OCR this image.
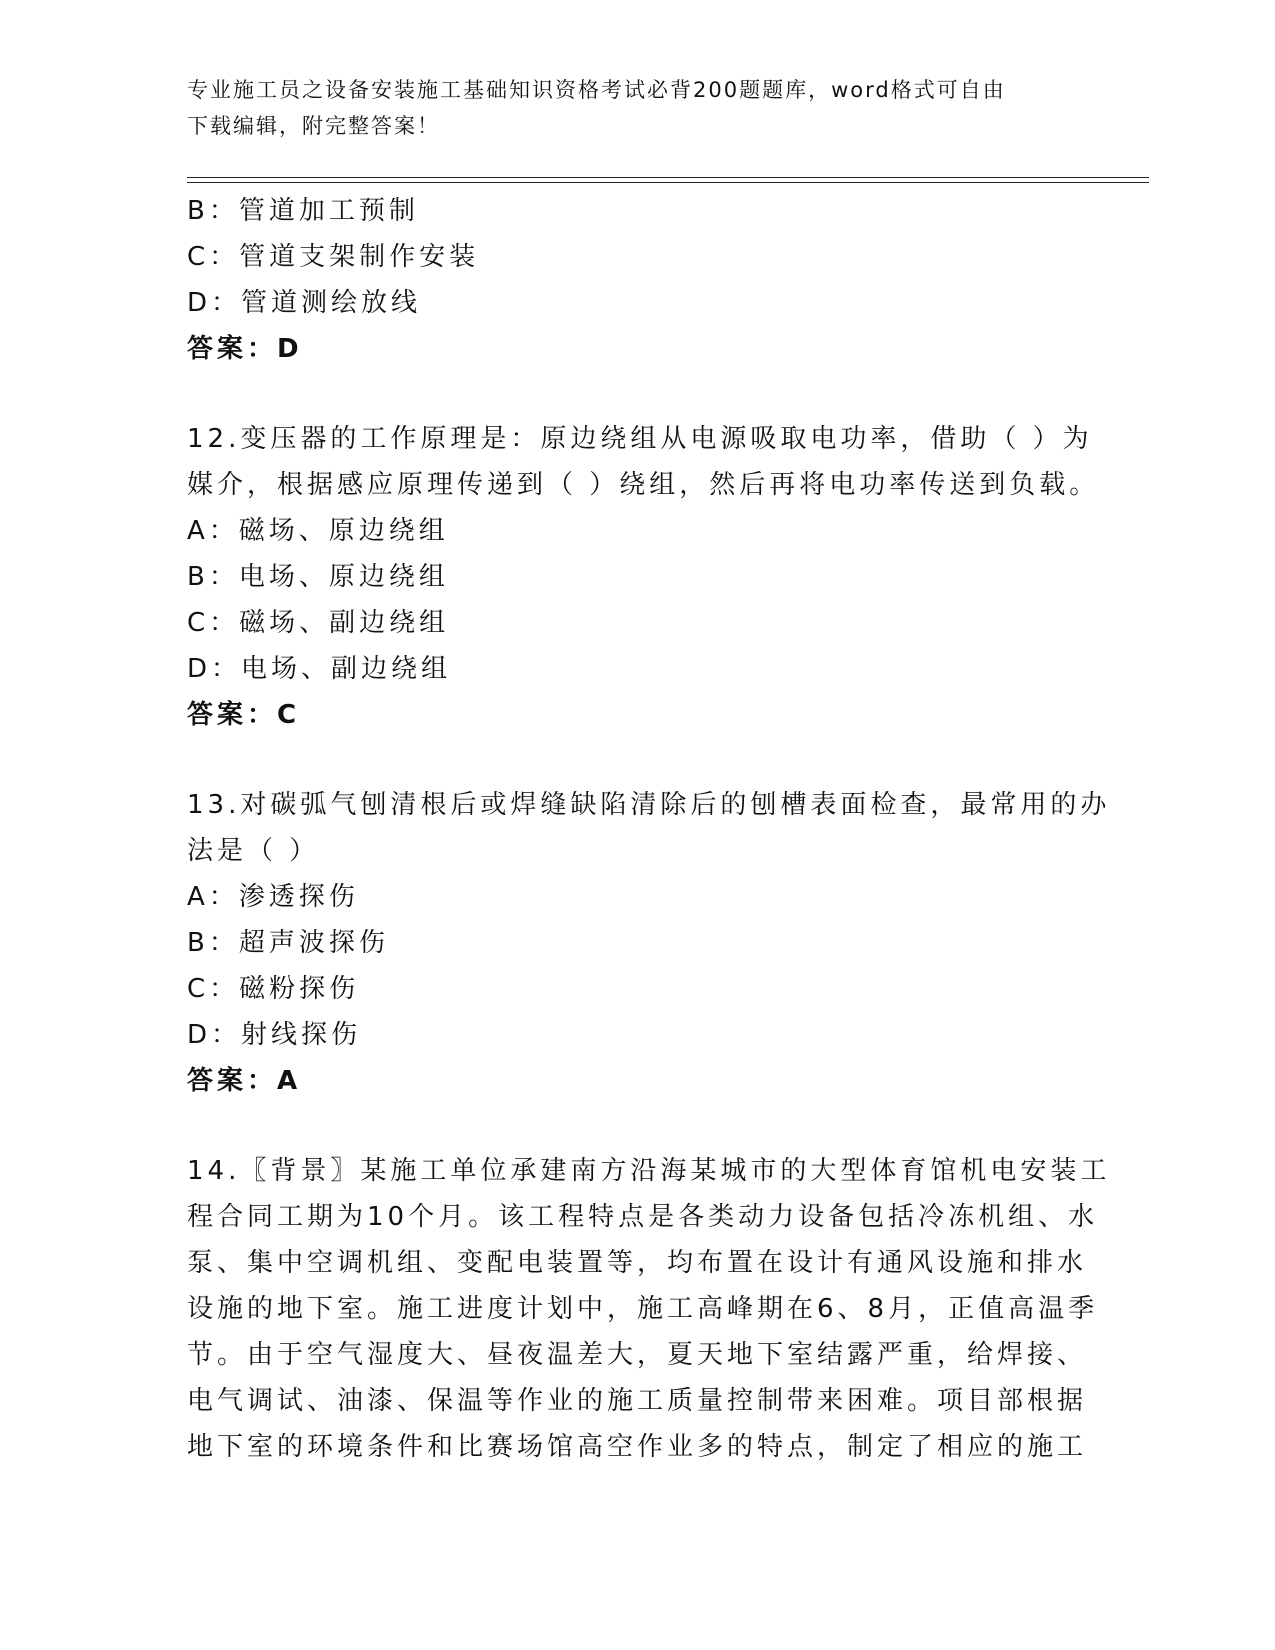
专业施工员之设备安装施工基础知识资格考试必背200题题库，word格式可自由
下载编辑，附完整答案！
B：管道加工预制
C：管道支架制作安装
D：管道测绘放线
答案：D
12.变压器的工作原理是：原边绕组从电源吸取电功率，借助（ ）为
媒介，根据感应原理传递到（ ）绕组，然后再将电功率传送到负载。
A：磁场、原边绕组
B：电场、原边绕组
C：磁场、副边绕组
D：电场、副边绕组
答案：C
13.对碳弧气刨清根后或焊缝缺陷清除后的刨槽表面检查，最常用的办
法是（ ）
A：渗透探伤
B：超声波探伤
C：磁粉探伤
D：射线探伤
答案：A
14.〖背景〗某施工单位承建南方沿海某城市的大型体育馆机电安装工
程合同工期为10个月。该工程特点是各类动力设备包括冷冻机组、水
泵、集中空调机组、变配电装置等，均布置在设计有通风设施和排水
设施的地下室。施工进度计划中，施工高峰期在6、8月，正值高温季
节。由于空气湿度大、昼夜温差大，夏天地下室结露严重，给焊接、
电气调试、油漆、保温等作业的施工质量控制带来困难。项目部根据
地下室的环境条件和比赛场馆高空作业多的特点，制定了相应的施工
